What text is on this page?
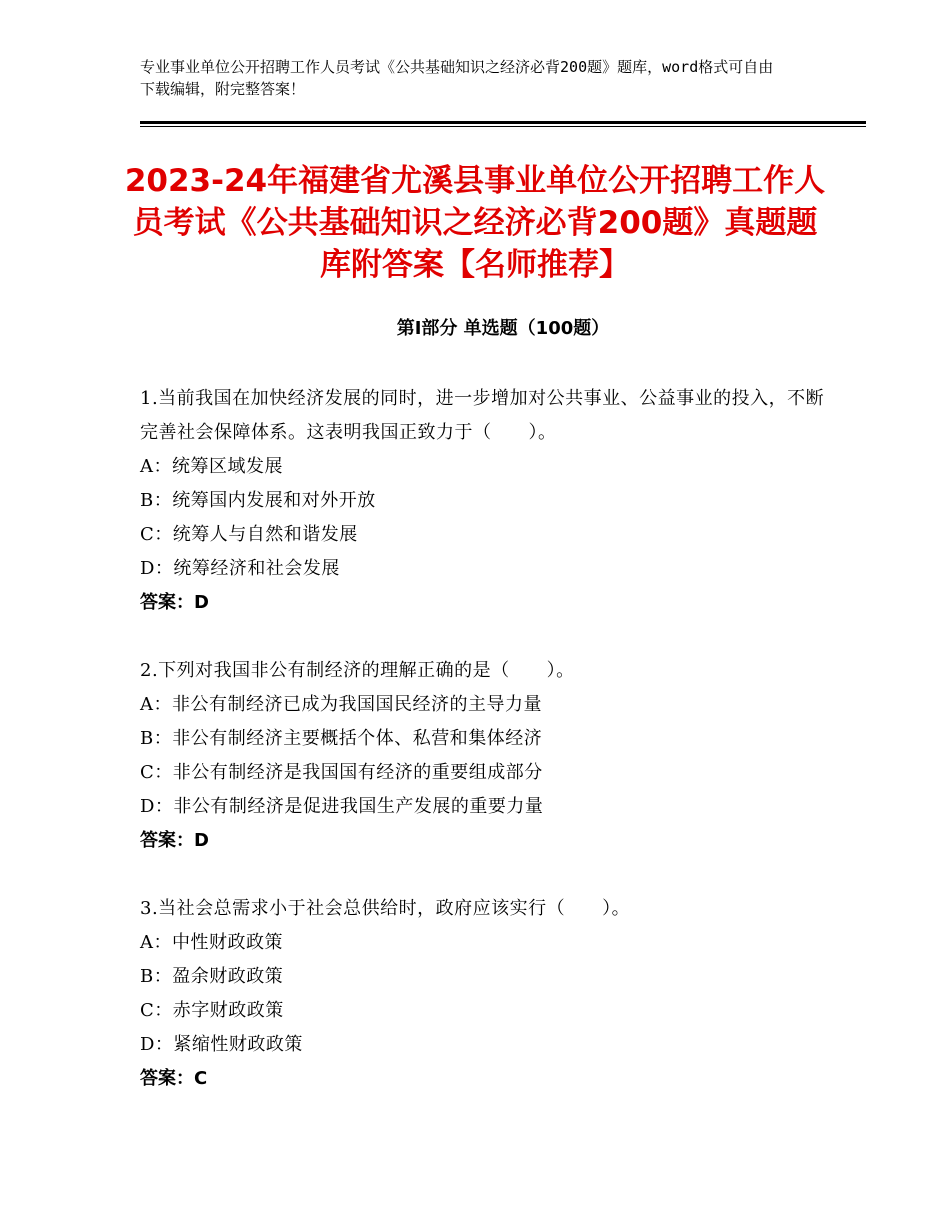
专业事业单位公开招聘工作人员考试《公共基础知识之经济必背200题》题库，word格式可自由下载编辑，附完整答案！
2023-24年福建省尤溪县事业单位公开招聘工作人员考试《公共基础知识之经济必背200题》真题题库附答案【名师推荐】
第Ⅰ部分 单选题（100题）
1.当前我国在加快经济发展的同时，进一步增加对公共事业、公益事业的投入，不断完善社会保障体系。这表明我国正致力于（　　）。
A：统筹区域发展
B：统筹国内发展和对外开放
C：统筹人与自然和谐发展
D：统筹经济和社会发展
答案：D
2.下列对我国非公有制经济的理解正确的是（　　）。
A：非公有制经济已成为我国国民经济的主导力量
B：非公有制经济主要概括个体、私营和集体经济
C：非公有制经济是我国国有经济的重要组成部分
D：非公有制经济是促进我国生产发展的重要力量
答案：D
3.当社会总需求小于社会总供给时，政府应该实行（　　）。
A：中性财政政策
B：盈余财政政策
C：赤字财政政策
D：紧缩性财政政策
答案：C
